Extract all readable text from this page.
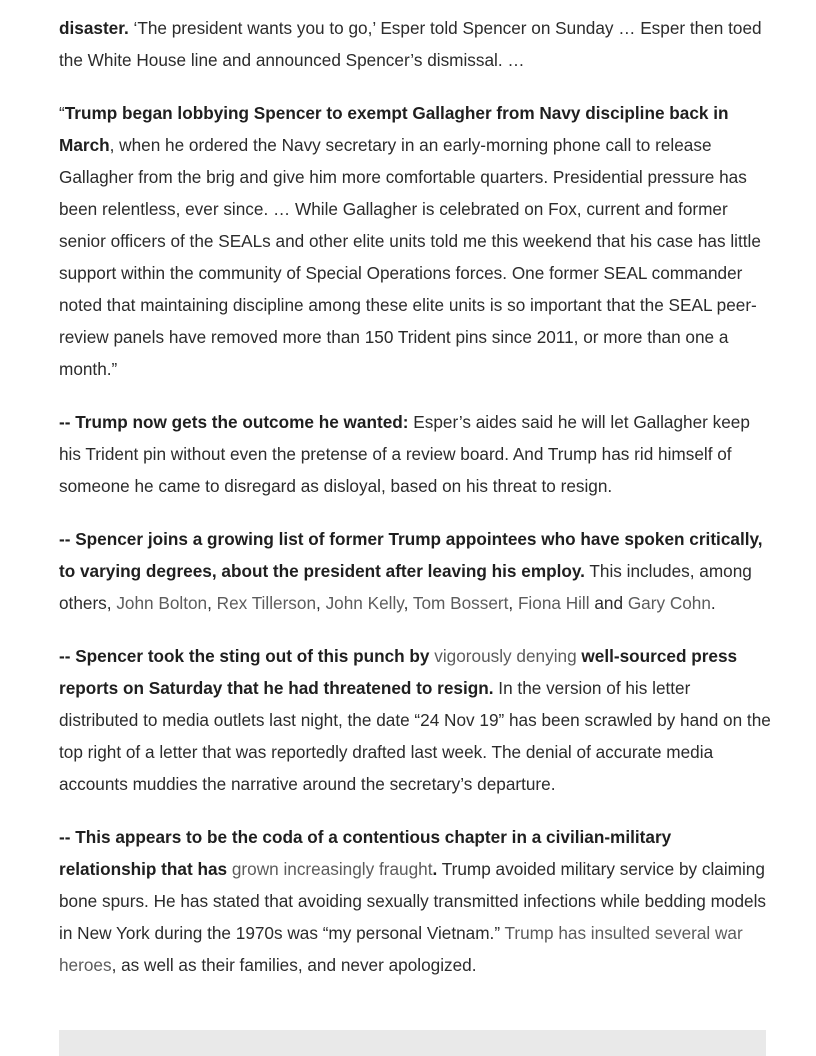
disaster. ‘The president wants you to go,’ Esper told Spencer on Sunday … Esper then toed the White House line and announced Spencer’s dismissal. …

“Trump began lobbying Spencer to exempt Gallagher from Navy discipline back in March, when he ordered the Navy secretary in an early-morning phone call to release Gallagher from the brig and give him more comfortable quarters. Presidential pressure has been relentless, ever since. … While Gallagher is celebrated on Fox, current and former senior officers of the SEALs and other elite units told me this weekend that his case has little support within the community of Special Operations forces. One former SEAL commander noted that maintaining discipline among these elite units is so important that the SEAL peer-review panels have removed more than 150 Trident pins since 2011, or more than one a month.”

-- Trump now gets the outcome he wanted: Esper’s aides said he will let Gallagher keep his Trident pin without even the pretense of a review board. And Trump has rid himself of someone he came to disregard as disloyal, based on his threat to resign.

-- Spencer joins a growing list of former Trump appointees who have spoken critically, to varying degrees, about the president after leaving his employ. This includes, among others, John Bolton, Rex Tillerson, John Kelly, Tom Bossert, Fiona Hill and Gary Cohn.

-- Spencer took the sting out of this punch by vigorously denying well-sourced press reports on Saturday that he had threatened to resign. In the version of his letter distributed to media outlets last night, the date “24 Nov 19” has been scrawled by hand on the top right of a letter that was reportedly drafted last week. The denial of accurate media accounts muddies the narrative around the secretary’s departure.

-- This appears to be the coda of a contentious chapter in a civilian-military relationship that has grown increasingly fraught. Trump avoided military service by claiming bone spurs. He has stated that avoiding sexually transmitted infections while bedding models in New York during the 1970s was “my personal Vietnam.” Trump has insulted several war heroes, as well as their families, and never apologized.
